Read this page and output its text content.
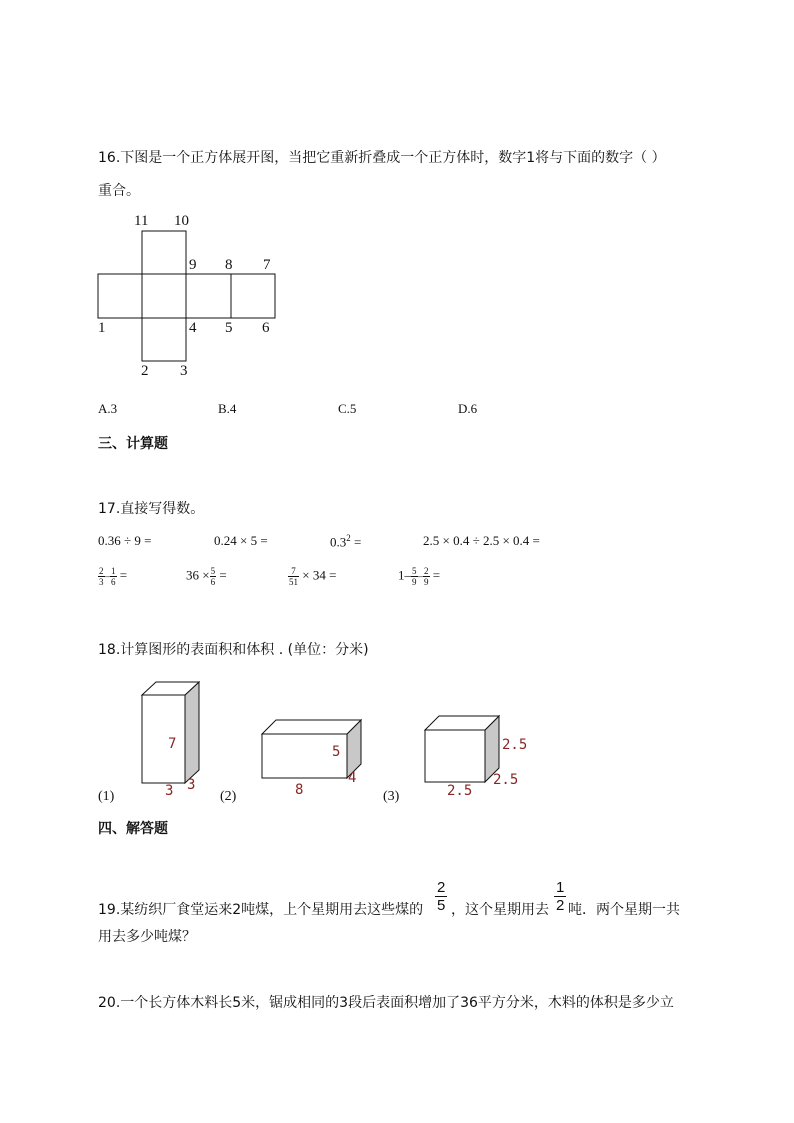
16.下图是一个正方体展开图，当把它重新折叠成一个正方体时，数字1将与下面的数字（ ）
重合。
11 10
9 8 7
1	4 5 6
2 3
A.3	B.4	C.5	D.6
三、计算题
17.直接写得数。
0.36 ÷ 9 =	0.24 × 5 =	$0.3^2$ =	2.5 × 0.4 ÷ 2.5 × 0.4 =
$\frac{2}{3} - \frac{1}{6}$ =	$36 \times \frac{5}{6}$ =	$\frac{7}{51} \times 34$ =	$1- \frac{5}{9} - \frac{2}{9}$ =
18.计算图形的表面积和体积 . (单位：分米)
7
3 3
(1)
5
8
4
(2)
2.5
2.5
2.5
(3)
四、解答题
19.某纺织厂食堂运来2吨煤，上个星期用去这些煤的
2
5 ，这个星期用去
1
2 吨．两个星期一共
用去多少吨煤？
20.一个长方体木料长5米，锯成相同的3段后表面积增加了36平方分米，木料的体积是多少立
